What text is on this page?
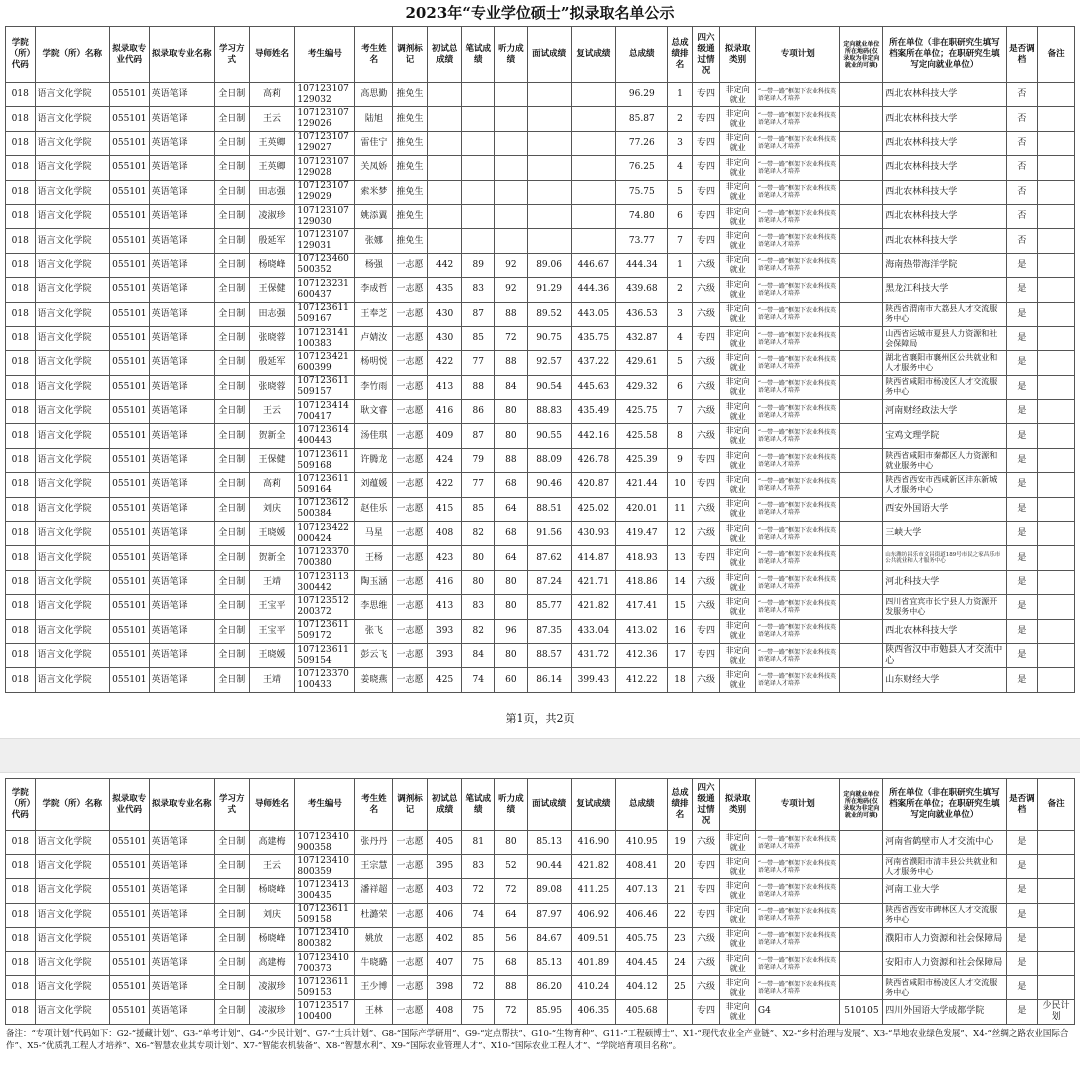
2023年“专业学位硕士”拟录取名单公示
学院（所）代码	学院（所）名称	拟录取专业代码	拟录取专业名称	学习方式	导师姓名	考生编号	考生姓名	调剂标记	初试总成绩	笔试成绩	听力成绩	面试成绩	复试成绩	总成绩	总成绩排名	四六级通过情况	拟录取类别	专项计划	定向就业单位所在地码(仅录取为非定向就业的可填)	所在单位（非在职研究生填写档案所在单位；在职研究生填写定向就业单位）	是否调档	备注
018	语言文化学院	055101	英语笔译	全日制	高莉	107123107129032	高思勤	推免生						96.29	1	专四	非定向就业	“一带一路”框架下农业科技英语笔译人才培养		西北农林科技大学	否	
018	语言文化学院	055101	英语笔译	全日制	王云	107123107129026	陆旭	推免生						85.87	2	专四	非定向就业	“一带一路”框架下农业科技英语笔译人才培养		西北农林科技大学	否	
018	语言文化学院	055101	英语笔译	全日制	王英卿	107123107129027	雷佳宁	推免生						77.26	3	专四	非定向就业	“一带一路”框架下农业科技英语笔译人才培养		西北农林科技大学	否	
018	语言文化学院	055101	英语笔译	全日制	王英卿	107123107129028	关凤娇	推免生						76.25	4	专四	非定向就业	“一带一路”框架下农业科技英语笔译人才培养		西北农林科技大学	否	
018	语言文化学院	055101	英语笔译	全日制	田志强	107123107129029	索米梦	推免生						75.75	5	专四	非定向就业	“一带一路”框架下农业科技英语笔译人才培养		西北农林科技大学	否	
018	语言文化学院	055101	英语笔译	全日制	凌淑珍	107123107129030	姚添翼	推免生						74.80	6	专四	非定向就业	“一带一路”框架下农业科技英语笔译人才培养		西北农林科技大学	否	
018	语言文化学院	055101	英语笔译	全日制	殷延军	107123107129031	张娜	推免生						73.77	7	专四	非定向就业	“一带一路”框架下农业科技英语笔译人才培养		西北农林科技大学	否	
018	语言文化学院	055101	英语笔译	全日制	杨晓峰	107123460500352	杨强	一志愿	442	89	92	89.06	446.67	444.34	1	六级	非定向就业	“一带一路”框架下农业科技英语笔译人才培养		海南热带海洋学院	是	
018	语言文化学院	055101	英语笔译	全日制	王保健	107123231600437	李成哲	一志愿	435	83	92	91.29	444.36	439.68	2	六级	非定向就业	“一带一路”框架下农业科技英语笔译人才培养		黑龙江科技大学	是	
018	语言文化学院	055101	英语笔译	全日制	田志强	107123611509167	王奉芝	一志愿	430	87	88	89.52	443.05	436.53	3	六级	非定向就业	“一带一路”框架下农业科技英语笔译人才培养		陕西省渭南市大荔县人才交流服务中心	是	
018	语言文化学院	055101	英语笔译	全日制	张晓蓉	107123141100383	卢婧汝	一志愿	430	85	72	90.75	435.75	432.87	4	专四	非定向就业	“一带一路”框架下农业科技英语笔译人才培养		山西省运城市夏县人力资源和社会保障局	是	
018	语言文化学院	055101	英语笔译	全日制	殷延军	107123421600399	杨明悦	一志愿	422	77	88	92.57	437.22	429.61	5	六级	非定向就业	“一带一路”框架下农业科技英语笔译人才培养		湖北省襄阳市襄州区公共就业和人才服务中心	是	
018	语言文化学院	055101	英语笔译	全日制	张晓蓉	107123611509157	李竹雨	一志愿	413	88	84	90.54	445.63	429.32	6	六级	非定向就业	“一带一路”框架下农业科技英语笔译人才培养		陕西省咸阳市杨凌区人才交流服务中心	是	
018	语言文化学院	055101	英语笔译	全日制	王云	107123414700417	耿文睿	一志愿	416	86	80	88.83	435.49	425.75	7	六级	非定向就业	“一带一路”框架下农业科技英语笔译人才培养		河南财经政法大学	是	
018	语言文化学院	055101	英语笔译	全日制	贺新全	107123614400443	汤佳琪	一志愿	409	87	80	90.55	442.16	425.58	8	六级	非定向就业	“一带一路”框架下农业科技英语笔译人才培养		宝鸡文理学院	是	
018	语言文化学院	055101	英语笔译	全日制	王保健	107123611509168	许腾龙	一志愿	424	79	88	88.09	426.78	425.39	9	专四	非定向就业	“一带一路”框架下农业科技英语笔译人才培养		陕西省咸阳市秦都区人力资源和就业服务中心	是	
018	语言文化学院	055101	英语笔译	全日制	高莉	107123611509164	刘蕴媛	一志愿	422	77	68	90.46	420.87	421.44	10	专四	非定向就业	“一带一路”框架下农业科技英语笔译人才培养		陕西省西安市西咸新区沣东新城人才服务中心	是	
018	语言文化学院	055101	英语笔译	全日制	刘庆	107123612500384	赵佳乐	一志愿	415	85	64	88.51	425.02	420.01	11	六级	非定向就业	“一带一路”框架下农业科技英语笔译人才培养		西安外国语大学	是	
018	语言文化学院	055101	英语笔译	全日制	王晓媛	107123422000424	马星	一志愿	408	82	68	91.56	430.93	419.47	12	六级	非定向就业	“一带一路”框架下农业科技英语笔译人才培养		三峡大学	是	
018	语言文化学院	055101	英语笔译	全日制	贺新全	107123370700380	王杨	一志愿	423	80	64	87.62	414.87	418.93	13	专四	非定向就业	“一带一路”框架下农业科技英语笔译人才培养		山东潍坊昌乐市文昌街道189号市民之家昌乐市公共就业和人才服务中心	是	
018	语言文化学院	055101	英语笔译	全日制	王靖	107123113300442	陶玉涵	一志愿	416	80	80	87.24	421.71	418.86	14	六级	非定向就业	“一带一路”框架下农业科技英语笔译人才培养		河北科技大学	是	
018	语言文化学院	055101	英语笔译	全日制	王宝平	107123512200372	李思维	一志愿	413	83	80	85.77	421.82	417.41	15	六级	非定向就业	“一带一路”框架下农业科技英语笔译人才培养		四川省宜宾市长宁县人力资源开发服务中心	是	
018	语言文化学院	055101	英语笔译	全日制	王宝平	107123611509172	张飞	一志愿	393	82	96	87.35	433.04	413.02	16	专四	非定向就业	“一带一路”框架下农业科技英语笔译人才培养		西北农林科技大学	是	
018	语言文化学院	055101	英语笔译	全日制	王晓媛	107123611509154	彭云飞	一志愿	393	84	80	88.57	431.72	412.36	17	专四	非定向就业	“一带一路”框架下农业科技英语笔译人才培养		陕西省汉中市勉县人才交流中心	是	
018	语言文化学院	055101	英语笔译	全日制	王靖	107123370100433	姜晓燕	一志愿	425	74	60	86.14	399.43	412.22	18	六级	非定向就业	“一带一路”框架下农业科技英语笔译人才培养		山东财经大学	是	
第1页，共2页
学院（所）代码	学院（所）名称	拟录取专业代码	拟录取专业名称	学习方式	导师姓名	考生编号	考生姓名	调剂标记	初试总成绩	笔试成绩	听力成绩	面试成绩	复试成绩	总成绩	总成绩排名	四六级通过情况	拟录取类别	专项计划	定向就业单位所在地码(仅录取为非定向就业的可填)	所在单位（非在职研究生填写档案所在单位；在职研究生填写定向就业单位）	是否调档	备注
018	语言文化学院	055101	英语笔译	全日制	高建梅	107123410900358	张丹丹	一志愿	405	81	80	85.13	416.90	410.95	19	六级	非定向就业	“一带一路”框架下农业科技英语笔译人才培养		河南省鹤壁市人才交流中心	是	
018	语言文化学院	055101	英语笔译	全日制	王云	107123410800359	王宗慧	一志愿	395	83	52	90.44	421.82	408.41	20	专四	非定向就业	“一带一路”框架下农业科技英语笔译人才培养		河南省濮阳市清丰县公共就业和人才服务中心	是	
018	语言文化学院	055101	英语笔译	全日制	杨晓峰	107123413300435	潘祥超	一志愿	403	72	72	89.08	411.25	407.13	21	专四	非定向就业	“一带一路”框架下农业科技英语笔译人才培养		河南工业大学	是	
018	语言文化学院	055101	英语笔译	全日制	刘庆	107123611509158	杜潞荣	一志愿	406	74	64	87.97	406.92	406.46	22	专四	非定向就业	“一带一路”框架下农业科技英语笔译人才培养		陕西省西安市碑林区人才交流服务中心	是	
018	语言文化学院	055101	英语笔译	全日制	杨晓峰	107123410800382	姚放	一志愿	402	85	56	84.67	409.51	405.75	23	六级	非定向就业	“一带一路”框架下农业科技英语笔译人才培养		濮阳市人力资源和社会保障局	是	
018	语言文化学院	055101	英语笔译	全日制	高建梅	107123410700373	牛晓璐	一志愿	407	75	68	85.13	401.89	404.45	24	六级	非定向就业	“一带一路”框架下农业科技英语笔译人才培养		安阳市人力资源和社会保障局	是	
018	语言文化学院	055101	英语笔译	全日制	凌淑珍	107123611509153	王少博	一志愿	398	72	88	86.20	410.24	404.12	25	六级	非定向就业	“一带一路”框架下农业科技英语笔译人才培养		陕西省咸阳市杨凌区人才交流服务中心	是	
018	语言文化学院	055101	英语笔译	全日制	凌淑珍	107123517100400	王林	一志愿	408	75	72	85.95	406.35	405.68		专四	非定向就业	G4	510105	四川外国语大学成都学院	是	少民计划
备注：“专项计划”代码如下：G2-“援藏计划”、G3-“单考计划”、G4-“少民计划”、G7-“士兵计划”、G8-“国际产学研用”、G9-“定点帮扶”、G10-“生物育种”、G11-“工程硕博士”、X1-“现代农业全产业链”、X2-“乡村治理与发展”、X3-“旱地农业绿色发展”、X4-“丝绸之路农业国际合作”、X5-“优质乳工程人才培养”、X6-“智慧农业其专项计划”、X7-“智能农机装备”、X8-“智慧水利”、X9-“国际农业管理人才”、X10-“国际农业工程人才”、“学院培育项目名称”。
